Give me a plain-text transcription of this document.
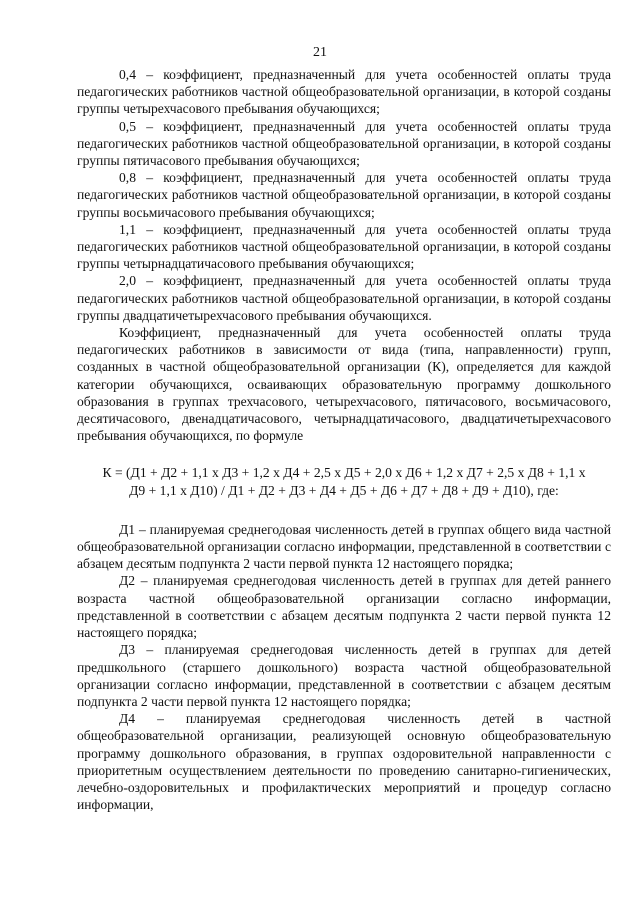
21

0,4 – коэффициент, предназначенный для учета особенностей оплаты труда педагогических работников частной общеобразовательной организации, в которой созданы группы четырехчасового пребывания обучающихся;

0,5 – коэффициент, предназначенный для учета особенностей оплаты труда педагогических работников частной общеобразовательной организации, в которой созданы группы пятичасового пребывания обучающихся;

0,8 – коэффициент, предназначенный для учета особенностей оплаты труда педагогических работников частной общеобразовательной организации, в которой созданы группы восьмичасового пребывания обучающихся;

1,1 – коэффициент, предназначенный для учета особенностей оплаты труда педагогических работников частной общеобразовательной организации, в которой созданы группы четырнадцатичасового пребывания обучающихся;

2,0 – коэффициент, предназначенный для учета особенностей оплаты труда педагогических работников частной общеобразовательной организации, в которой созданы группы двадцатичетырехчасового пребывания обучающихся.

Коэффициент, предназначенный для учета особенностей оплаты труда педагогических работников в зависимости от вида (типа, направленности) групп, созданных в частной общеобразовательной организации (К), определяется для каждой категории обучающихся, осваивающих образовательную программу дошкольного образования в группах трехчасового, четырехчасового, пятичасового, восьмичасового, десятичасового, двенадцатичасового, четырнадцатичасового, двадцатичетырехчасового пребывания обучающихся, по формуле

К = (Д1 + Д2 + 1,1 х Д3 + 1,2 х Д4 + 2,5 х Д5 + 2,0 х Д6 + 1,2 х Д7 + 2,5 х Д8 + 1,1 х
Д9 + 1,1 х Д10) / Д1 + Д2 + Д3 + Д4 + Д5 + Д6 + Д7 + Д8 + Д9 + Д10), где:

Д1 – планируемая среднегодовая численность детей в группах общего вида частной общеобразовательной организации согласно информации, представленной в соответствии с абзацем десятым подпункта 2 части первой пункта 12 настоящего порядка;

Д2 – планируемая среднегодовая численность детей в группах для детей раннего возраста частной общеобразовательной организации согласно информации, представленной в соответствии с абзацем десятым подпункта 2 части первой пункта 12 настоящего порядка;

Д3 – планируемая среднегодовая численность детей в группах для детей предшкольного (старшего дошкольного) возраста частной общеобразовательной организации согласно информации, представленной в соответствии с абзацем десятым подпункта 2 части первой пункта 12 настоящего порядка;

Д4 – планируемая среднегодовая численность детей в частной общеобразовательной организации, реализующей основную общеобразовательную программу дошкольного образования, в группах оздоровительной направленности с приоритетным осуществлением деятельности по проведению санитарно-гигиенических, лечебно-оздоровительных и профилактических мероприятий и процедур согласно информации,
